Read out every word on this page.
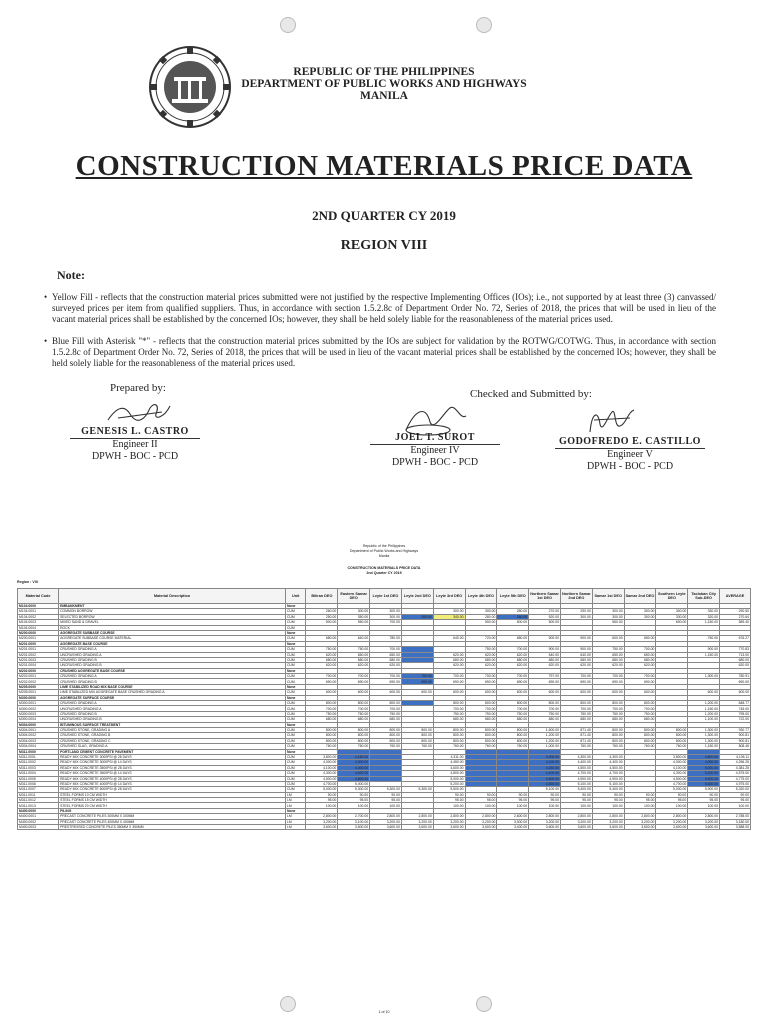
REPUBLIC OF THE PHILIPPINES
DEPARTMENT OF PUBLIC WORKS AND HIGHWAYS
MANILA
CONSTRUCTION MATERIALS PRICE DATA
2ND QUARTER CY 2019
REGION VIII
Note:
• Yellow Fill - reflects that the construction material prices submitted were not justified by the respective Implementing Offices (IOs); i.e., not supported by at least three (3) canvassed/ surveyed prices per item from qualified suppliers. Thus, in accordance with section 1.5.2.8c of Department Order No. 72, Series of 2018, the prices that will be used in lieu of the vacant material prices shall be established by the concerned IOs; however, they shall be held solely liable for the reasonableness of the material prices used.
• Blue Fill with Asterisk "*" - reflects that the construction material prices submitted by the IOs are subject for validation by the ROTWG/COTWG. Thus, in accordance with section 1.5.2.8c of Department Order No. 72, Series of 2018, the prices that will be used in lieu of the vacant material prices shall be established by the concerned IOs; however, they shall be held solely liable for the reasonableness of the material prices used.
Prepared by:	Checked and Submitted by:
GENESIS L. CASTRO
Engineer II
DPWH - BOC - PCD
JOEL T. SUROT
Engineer IV
DPWH - BOC - PCD
GODOFREDO E. CASTILLO
Engineer V
DPWH - BOC - PCD
Republic of the Philippines
Department of Public Works and Highways
Manila
CONSTRUCTION MATERIALS PRICE DATA
2nd Quarter CY 2019
Region : VIII
Material Code	Material Description	Unit	Biliran DEO	Eastern Samar DEO	Leyte 1st DEO	Leyte 2nd DEO	Leyte 3rd DEO	Leyte 4th DEO	Leyte 5th DEO	Northern Samar 1st DEO	Northern Samar 2nd DEO	Samar 1st DEO	Samar 2nd DEO	Southern Leyte DEO	Tacloban City Sub-DEO	AVERAGE
M104.0000	EMBANKMENT	None														
M104.0001	COMMON BORROW	CUM	260.00	300.00	300.00		300.00	300.00	280.00	270.00	290.00	300.00	300.00	300.00	330.00	290.50
M104.0002	SELECTED BORROW	CUM	250.00	350.00	300.00	300.00	340.00	280.00	280.00	520.00	300.00	300.00	300.00	330.00	320.00	270.64
M104.0003	MIXED SAND & GRAVEL	CUM	500.00	550.00	700.00			500.00	500.00	500.00		550.00		600.00	1,150.00	589.40
M104.0004	ROCK	CUM														
M200.0000	AGGREGATE SUBBASE COURSE	None														
M200.0001	AGGREGATE SUBBASE COURSE MATERIAL	CUM	680.00	640.00	780.00		640.00	720.00	680.00	900.00	900.00	600.00	650.00		. 750.00	676.27
M201.0000	AGGREGATE BASE COURSE	None														
M201.0001	CRUSHED GRADING A	CUM	750.00	750.00	700.00			750.00	700.00	900.00	900.00	750.00	700.00		900.00	770.83
M201.0002	UNCRUSHED GRADING A	CUM	620.00	650.00	650.00		620.00	620.00	620.00	640.00	640.00	650.00	650.00		1,150.00	713.00
M201.0003	CRUSHED GRADING B	CUM	680.00	680.00	680.00		680.00	680.00	680.00	680.00	680.00	680.00	680.00			680.00
M201.0004	UNCRUSHED GRADING B	CUM	620.00	620.00	620.00		620.00	620.00	620.00	620.00	620.00	620.00	620.00			620.00
M202.0000	CRUSHED AGGREGATE BASE COURSE	None														
M202.0001	CRUSHED GRADING A	CUM	700.00	700.00	700.00	700.00	700.00	700.00	700.00	797.00	700.00	700.00	700.00		1,300.00	780.91
M202.0002	CRUSHED GRADING B	CUM	690.00	690.00	690.00	690.00	690.00	690.00	690.00	690.00	690.00	690.00	690.00			690.00
M205.0000	LIME STABILIZED ROAD MIX BASE COURSE	None														
M205.0001	LIME STABILIZED MIX AGGREGATE BASE CRUSHED GRADING A	CUM	600.00	600.00	600.00	600.00	600.00	600.00	600.00	600.00	600.00	600.00	600.00		600.00	600.00
M300.0000	AGGREGATE SURFACE COURSE	None														
M300.0001	CRUSHED GRADING A	CUM	800.00	800.00	800.00		800.00	800.00	800.00	800.00	800.00	800.00	800.00		1,200.00	848.77
M300.0002	UNCRUSHED GRADING A	CUM	700.00	700.00	700.00		700.00	700.00	700.00	700.00	700.00	700.00	700.00		1,150.00	745.00
M300.0003	CRUSHED GRADING B	CUM	750.00	750.00	750.00		750.00	750.00	750.00	750.00	750.00	750.00	750.00		1,200.00	795.00
M300.0004	UNCRUSHED GRADING B	CUM	680.00	680.00	680.00		680.00	680.00	680.00	680.00	680.00	680.00	680.00		1,100.00	722.00
M304.0000	BITUMINOUS SURFACE TREATMENT	None														
M304.0001	CRUSHED STONE, GRADING A	CUM	800.00	800.00	800.00	800.00	800.00	800.00	800.00	1,600.00	871.40	800.00	800.00	800.00	1,300.00	930.77
M304.0002	CRUSHED STONE, GRADING B	CUM	800.00	800.00	800.00	800.00	800.00	800.00	800.00	1,200.00	871.40	800.00	800.00	800.00	1,300.00	900.81
M304.0003	CRUSHED STONE, GRADING C	CUM	800.00	800.00	800.00	800.00	800.00	800.00	800.00	1,200.00	871.40	800.00	800.00	800.00	1,300.00	900.81
M304.0004	CRUSHED SLAG, GRADING A	CUM	760.00	760.00	760.00	760.00	760.00	760.00	760.00	1,000.00	760.00	760.00	760.00	760.00	1,150.00	808.46
M311.0000	PORTLAND CEMENT CONCRETE PAVEMENT	None														
M311.0001	READY MIX CONCRETE 3000PSI @ 28 DAYS	CUM	3,800.00	4,150.00			4,311.00			3,900.00	4,300.00	4,300.00		3,800.00	4,800.00	4,106.11
M311.0002	READY MIX CONCRETE 3000PSI @ 14 DAYS	CUM	4,000.00	4,300.00			4,450.00			4,100.00	4,400.00	4,400.00		4,000.00	4,900.00	4,256.25
M311.0003	READY MIX CONCRETE 3500PSI @ 28 DAYS	CUM	4,100.00	4,400.00			4,600.00			4,250.00	4,500.00	4,500.00		4,100.00	5,000.00	4,381.25
M311.0004	READY MIX CONCRETE 3500PSI @ 14 DAYS	CUM	4,300.00	4,600.00			4,800.00			4,400.00	4,700.00	4,700.00		4,300.00	5,200.00	4,575.00
M311.0005	READY MIX CONCRETE 4000PSI @ 28 DAYS	CUM	4,500.00	4,800.00			5,000.00			4,600.00	4,900.00	4,900.00		4,500.00	5,400.00	4,775.00
M311.0006	READY MIX CONCRETE 4000PSI @ 14 DAYS	CUM	4,700.00	5,000.00			5,200.00			4,800.00	5,100.00	5,100.00		4,700.00	5,600.00	4,975.00
M311.0007	READY MIX CONCRETE 5000PSI @ 28 DAYS	CUM	5,000.00	5,300.00	5,300.00	5,300.00	5,500.00			5,100.00	5,400.00	5,400.00		5,000.00	5,900.00	5,320.00
M311.0011	STEEL FORMS 10 CM WIDTH	LM	90.00	90.00	90.00		90.00	90.00	90.00	90.00	90.00	90.00	90.00	90.00	90.00	90.00
M311.0012	STEEL FORMS 15 CM WIDTH	LM	95.00	95.00	95.00		95.00	95.00	95.00	95.00	95.00	95.00	95.00	95.00	95.00	95.00
M311.0013	STEEL FORMS 20 CM WIDTH	LM	100.00	100.00	100.00		100.00	100.00	100.00	100.00	100.00	100.00	100.00	100.00	100.00	100.00
M400.0000	PILING	None														
M400.0001	PRECAST CONCRETE PILES 300MM X 300MM	LM	2,800.00	2,700.00	2,800.00	2,800.00	2,800.00	2,800.00	2,600.00	2,800.00	2,800.00	2,800.00	2,800.00	2,800.00	2,800.00	2,788.00
M400.0002	PRECAST CONCRETE PILES 400MM X 400MM	LM	3,200.00	3,100.00	3,200.00	3,200.00	3,200.00	3,200.00	3,000.00	3,200.00	3,200.00	3,200.00	3,200.00	3,200.00	3,200.00	3,180.00
M400.0003	PRESTRESSED CONCRETE PILES 350MM X 350MM	LM	3,600.00	3,500.00	3,600.00	3,600.00	3,600.00	3,600.00	3,400.00	3,600.00	3,600.00	3,600.00	3,600.00	3,600.00	3,600.00	3,588.00
1 of 10
